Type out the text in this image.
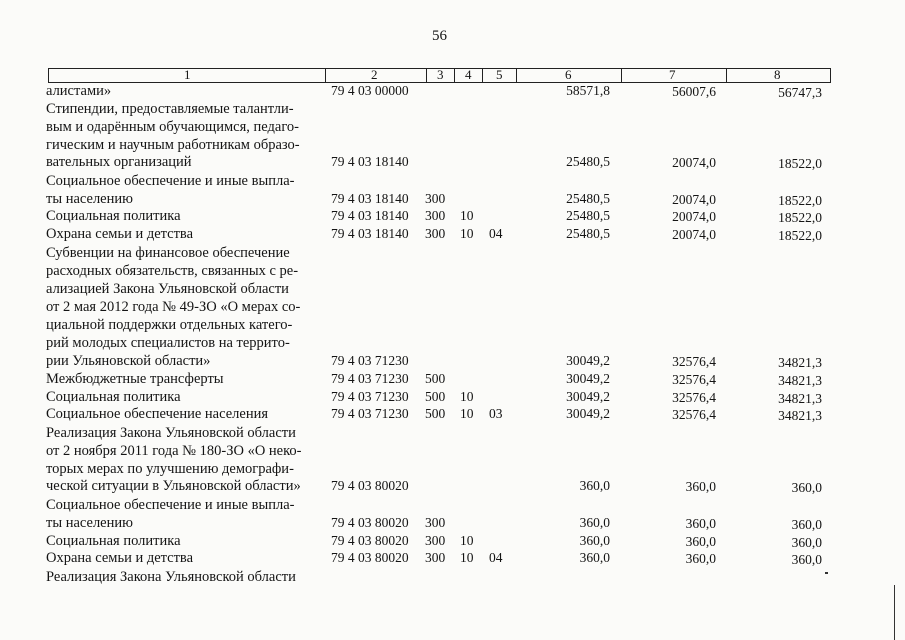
56
1	2	3 4 5	6	7	8
алистами»	79 4 03 00000	58571,8	56007,6	56747,3
Стипендии, предоставляемые талантли-
вым и одарённым обучающимся, педаго-
гическим и научным работникам образо-
вательных организаций	79 4 03 18140	25480,5	20074,0	18522,0
Социальное обеспечение и иные выпла-
ты населению	79 4 03 18140 300	25480,5	20074,0	18522,0
Социальная политика	79 4 03 18140 300 10	25480,5	20074,0	18522,0
Охрана семьи и детства	79 4 03 18140 300 10 04	25480,5	20074,0	18522,0
Субвенции на финансовое обеспечение
расходных обязательств, связанных с ре-
ализацией Закона Ульяновской области
от 2 мая 2012 года № 49-ЗО «О мерах со-
циальной поддержки отдельных катего-
рий молодых специалистов на террито-
рии Ульяновской области»	79 4 03 71230	30049,2	32576,4	34821,3
Межбюджетные трансферты	79 4 03 71230 500	30049,2	32576,4	34821,3
Социальная политика	79 4 03 71230 500 10	30049,2	32576,4	34821,3
Социальное обеспечение населения	79 4 03 71230 500 10 03	30049,2	32576,4	34821,3
Реализация Закона Ульяновской области
от 2 ноября 2011 года № 180-ЗО «О неко-
торых мерах по улучшению демографи-
ческой ситуации в Ульяновской области» 79 4 03 80020	360,0	360,0	360,0
Социальное обеспечение и иные выпла-
ты населению	79 4 03 80020 300	360,0	360,0	360,0
Социальная политика	79 4 03 80020 300 10	360,0	360,0	360,0
Охрана семьи и детства	79 4 03 80020 300 10 04	360,0	360,0	360,0
Реализация Закона Ульяновской области
